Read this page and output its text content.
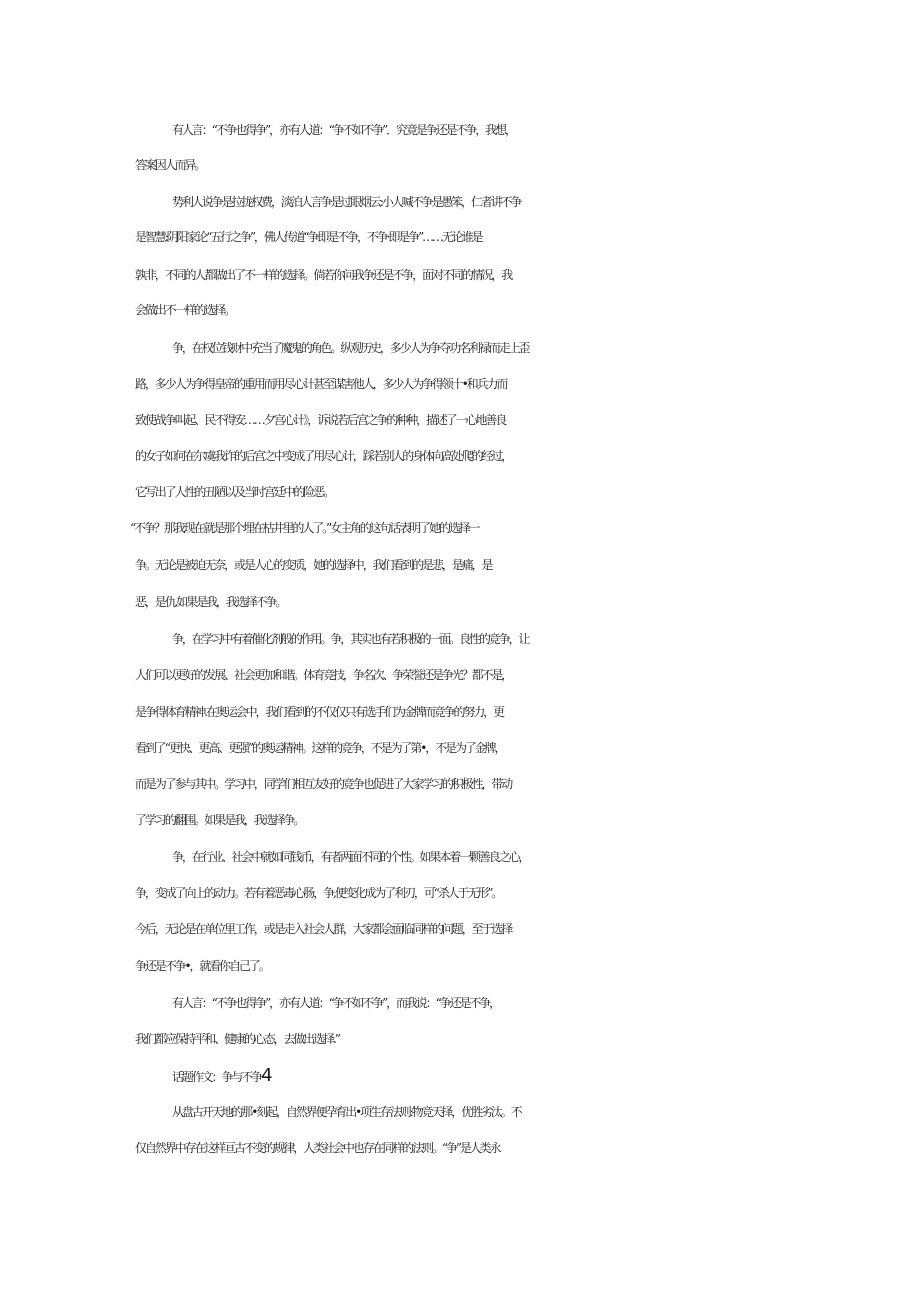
有人言：“不争也得争”，亦有人道：“争不如不争”．究竟是争还是不争，我想，
答案因人而异。
势利人说争是拉拢权费，淡泊人言争是过眼烟云:小人喊不争是愚笨，仁者讲不争
是智慧:阴阳家论“五行之争”，佛人传道“争即是不争，不争·即是争”……无论谁是
孰非，不同的人都做出了不一样的选择。倘若你问我争还是不争，面对不同的情况，我
会做出不一样的选择。
争，在权位钱财中充当了魔鬼的角色。纵观历史，多少人为争夺功名利禄而走上歪
路，多少人为争得皇帝的重用而用尽心计甚至谋害他人，多少人为争得领十•和兵力而
致使战争叫起、民不得安……夕宫心计》，诉说若后宫之争的种种，描述了一心地善良
的女子如何在尔虞我诈的后宫之中变成了用尽心计，踩若别人的身体向高处爬的经过，
它写出了人性的丑陋以及当时宫廷中的险恶。
“不争？那我现在就是那个埋在枯井里的人了。”女主角的这句话表明了她的选择一
争。无论是被迫无奈，或是人心的变质，她的选择中，我们看到的是悲，是痛，是
恶，是仇.如果是我，我选择不争。
争，在学习中有着催化剂般的作用。争，其实也有若积极的一面。良性的竞争，让
人们可以更好的发展、社会更加和谐。体育竞技，争名次、争荣誉还是争光？都不是，
是争得体育精神.在奥运会中，我们看到的不仅仅只有选手们为金牌而竞争的努力，更
看到了“更快、更高、更强”的奥运精神。这样的竞争，不是为了第•，不是为了金牌，
而是为了参与其中。学习中，同学们相互友好的竞争也促进了大家学习的积极性，带动
了学习的翻围。如果是我，我选择争。
争，在行业、社会中就如同钱币，有者两面不同的个性。如果本着一颗善良之心，
争，变成了向上的动力。若有着恶毒心肠，争,便变化成为了利刃，可“杀人于无形”。
今后，无论是在单位里工作，或是走入社会人群，大家都会面临同样的问题，至于选择
争还是不争•，就看你自己了。
有人言：“不争也得争”，亦有人道：“争不如不争”，而我说：“争还是不争，
我们都应保持平和、健康的心态，去做出选择.”
话题作文：争与不争4
从盘古开天地的那•刻起，自然界便孕育出•项生存法则:物竞天择，优胜劣汰。不
仅自然界中存在这样亘古不变的规律，人类社会中也存在同样的法则。“争”是人类永
